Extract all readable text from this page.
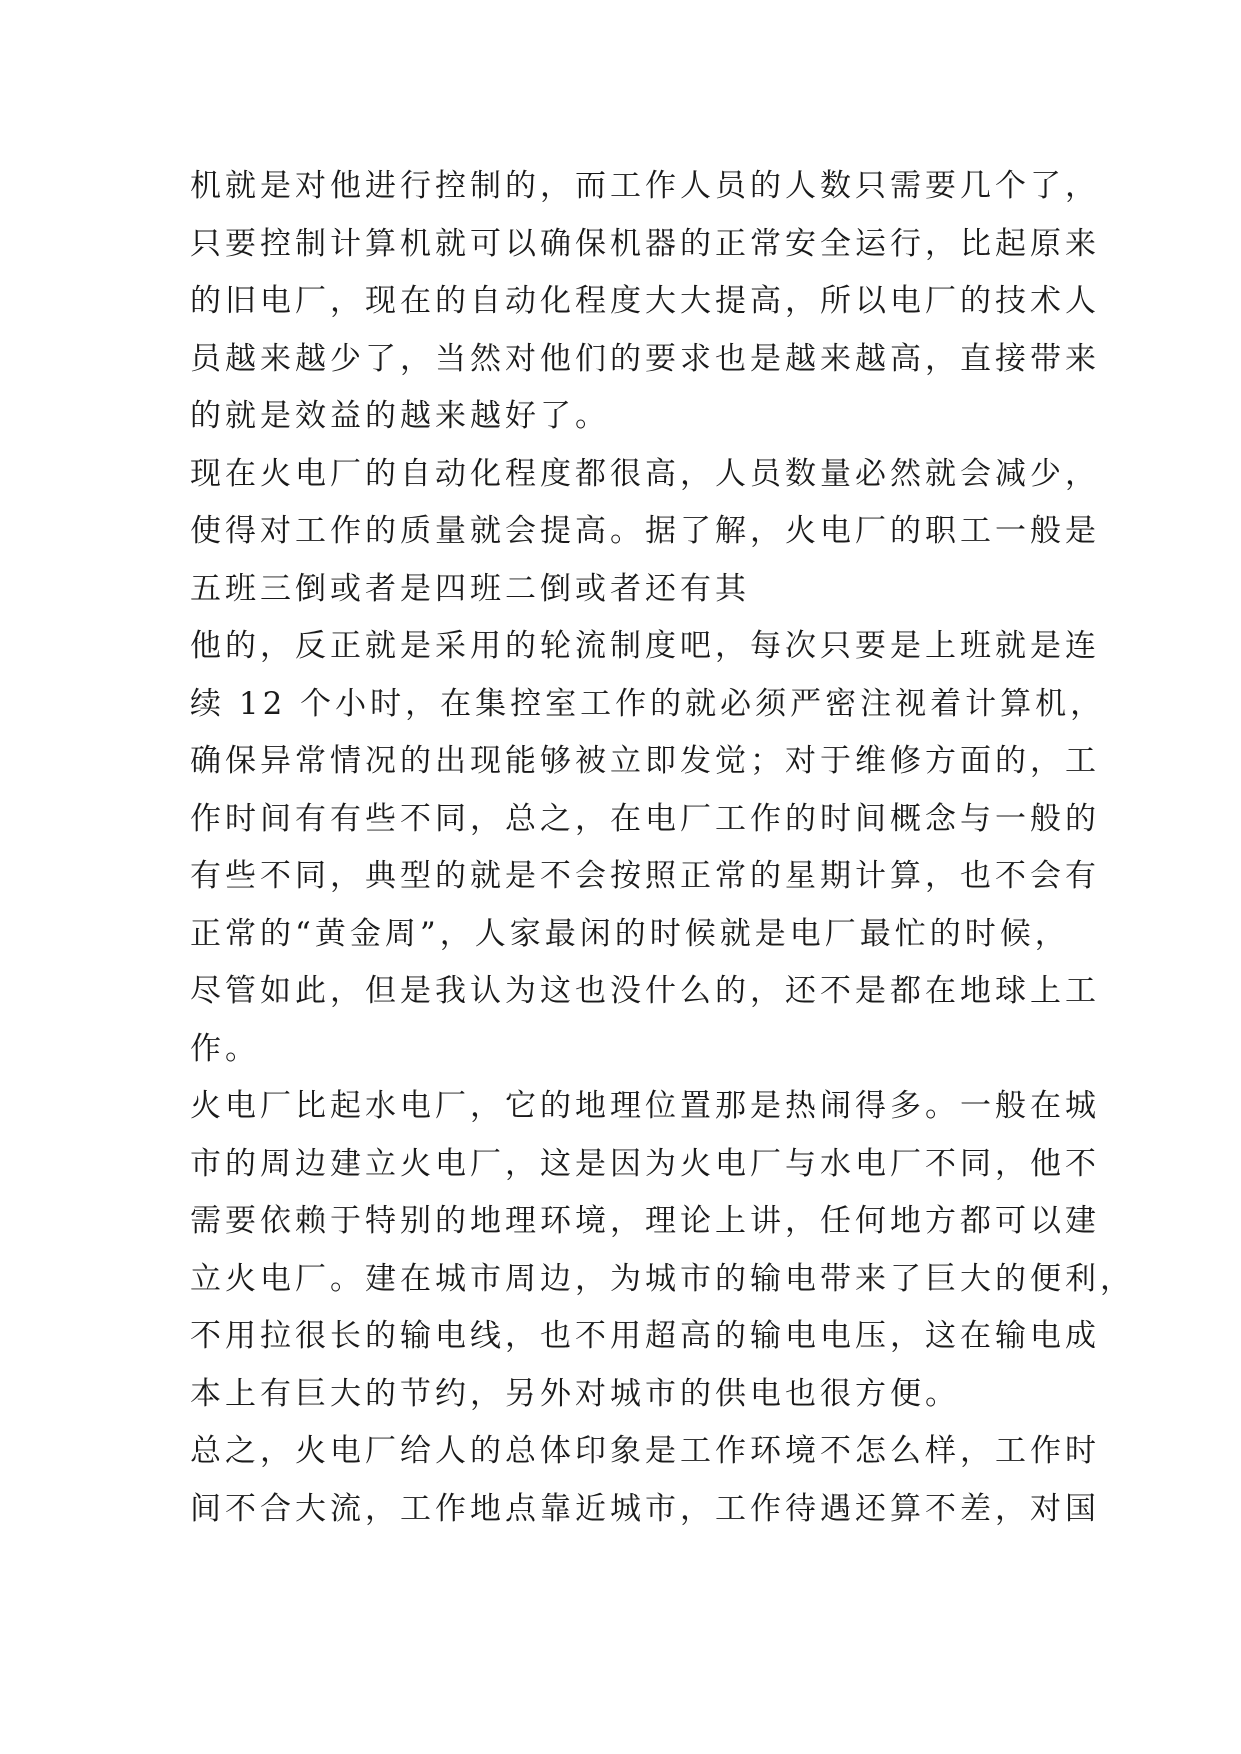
机就是对他进行控制的，而工作人员的人数只需要几个了，
只要控制计算机就可以确保机器的正常安全运行，比起原来
的旧电厂，现在的自动化程度大大提高，所以电厂的技术人
员越来越少了，当然对他们的要求也是越来越高，直接带来
的就是效益的越来越好了。
现在火电厂的自动化程度都很高，人员数量必然就会减少，
使得对工作的质量就会提高。据了解，火电厂的职工一般是
五班三倒或者是四班二倒或者还有其
他的，反正就是采用的轮流制度吧，每次只要是上班就是连
续 12 个小时，在集控室工作的就必须严密注视着计算机，
确保异常情况的出现能够被立即发觉；对于维修方面的，工
作时间有有些不同，总之，在电厂工作的时间概念与一般的
有些不同，典型的就是不会按照正常的星期计算，也不会有
正常的“黄金周”，人家最闲的时候就是电厂最忙的时候，
尽管如此，但是我认为这也没什么的，还不是都在地球上工
作。
火电厂比起水电厂，它的地理位置那是热闹得多。一般在城
市的周边建立火电厂，这是因为火电厂与水电厂不同，他不
需要依赖于特别的地理环境，理论上讲，任何地方都可以建
立火电厂。建在城市周边，为城市的输电带来了巨大的便利，
不用拉很长的输电线，也不用超高的输电电压，这在输电成
本上有巨大的节约，另外对城市的供电也很方便。
总之，火电厂给人的总体印象是工作环境不怎么样，工作时
间不合大流，工作地点靠近城市，工作待遇还算不差，对国
